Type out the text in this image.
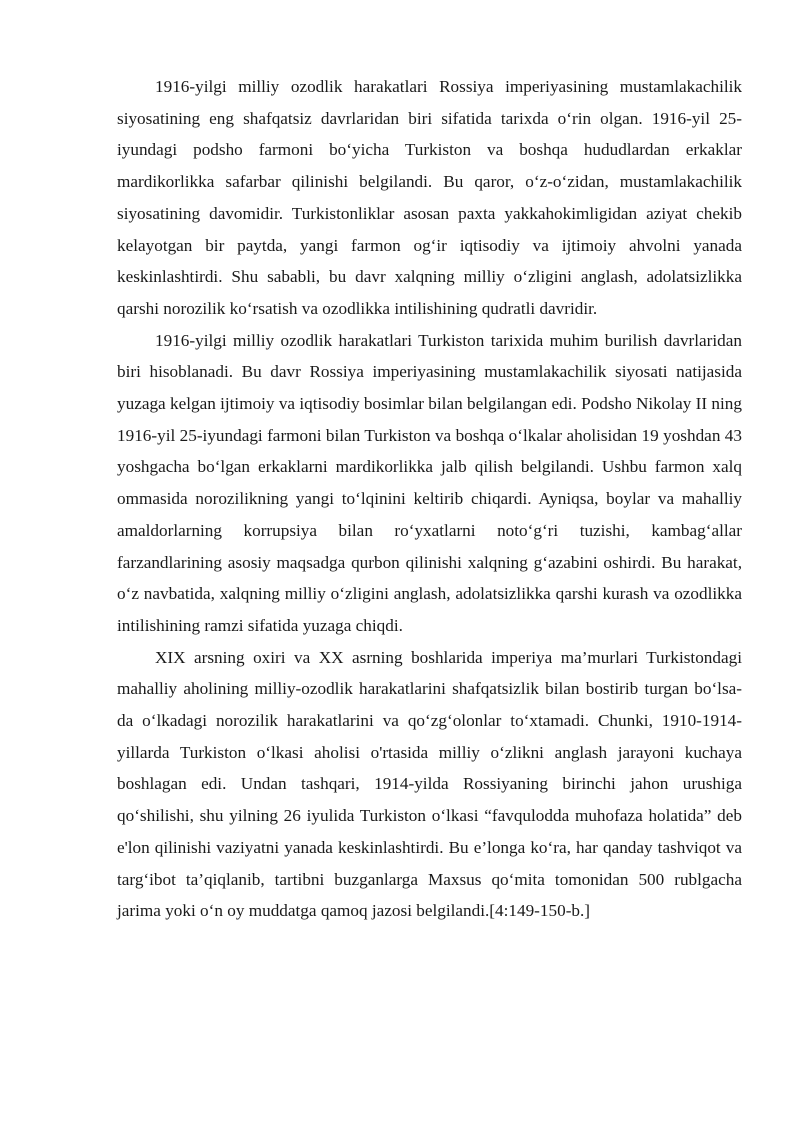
1916-yilgi milliy ozodlik harakatlari Rossiya imperiyasining mustamlakachilik siyosatining eng shafqatsiz davrlaridan biri sifatida tarixda o‘rin olgan. 1916-yil 25-iyundagi podsho farmoni bo‘yicha Turkiston va boshqa hududlardan erkaklar mardikorlikka safarbar qilinishi belgilandi. Bu qaror, o‘z-o‘zidan, mustamlakachilik siyosatining davomidir. Turkistonliklar asosan paxta yakkahokimligidan aziyat chekib kelayotgan bir paytda, yangi farmon og‘ir iqtisodiy va ijtimoiy ahvolni yanada keskinlashtirdi. Shu sababli, bu davr xalqning milliy o‘zligini anglash, adolatsizlikka qarshi norozilik ko‘rsatish va ozodlikka intilishining qudratli davridir.

1916-yilgi milliy ozodlik harakatlari Turkiston tarixida muhim burilish davrlaridan biri hisoblanadi. Bu davr Rossiya imperiyasining mustamlakachilik siyosati natijasida yuzaga kelgan ijtimoiy va iqtisodiy bosimlar bilan belgilangan edi. Podsho Nikolay II ning 1916-yil 25-iyundagi farmoni bilan Turkiston va boshqa o‘lkalar aholisidan 19 yoshdan 43 yoshgacha bo‘lgan erkaklarni mardikorlikka jalb qilish belgilandi. Ushbu farmon xalq ommasida norozilikning yangi to‘lqinini keltirib chiqardi. Ayniqsa, boylar va mahalliy amaldorlarning korrupsiya bilan ro‘yxatlarni noto‘g‘ri tuzishi, kambag‘allar farzandlarining asosiy maqsadga qurbon qilinishi xalqning g‘azabini oshirdi. Bu harakat, o‘z navbatida, xalqning milliy o‘zligini anglash, adolatsizlikka qarshi kurash va ozodlikka intilishining ramzi sifatida yuzaga chiqdi.

XIX arsning oxiri va XX asrning boshlarida imperiya ma’murlari Turkistondagi mahalliy aholining milliy-ozodlik harakatlarini shafqatsizlik bilan bostirib turgan bo‘lsa-da o‘lkadagi norozilik harakatlarini va qo‘zg‘olonlar to‘xtamadi. Chunki, 1910-1914-yillarda Turkiston o‘lkasi aholisi o'rtasida milliy o‘zlikni anglash jarayoni kuchaya boshlagan edi. Undan tashqari, 1914-yilda Rossiyaning birinchi jahon urushiga qo‘shilishi, shu yilning 26 iyulida Turkiston o‘lkasi “favqulodda muhofaza holatida” deb e'lon qilinishi vaziyatni yanada keskinlashtirdi. Bu e’longa ko‘ra, har qanday tashviqot va targ‘ibot ta’qiqlanib, tartibni buzganlarga Maxsus qo‘mita tomonidan 500 rublgacha jarima yoki o‘n oy muddatga qamoq jazosi belgilandi.[4:149-150-b.]
